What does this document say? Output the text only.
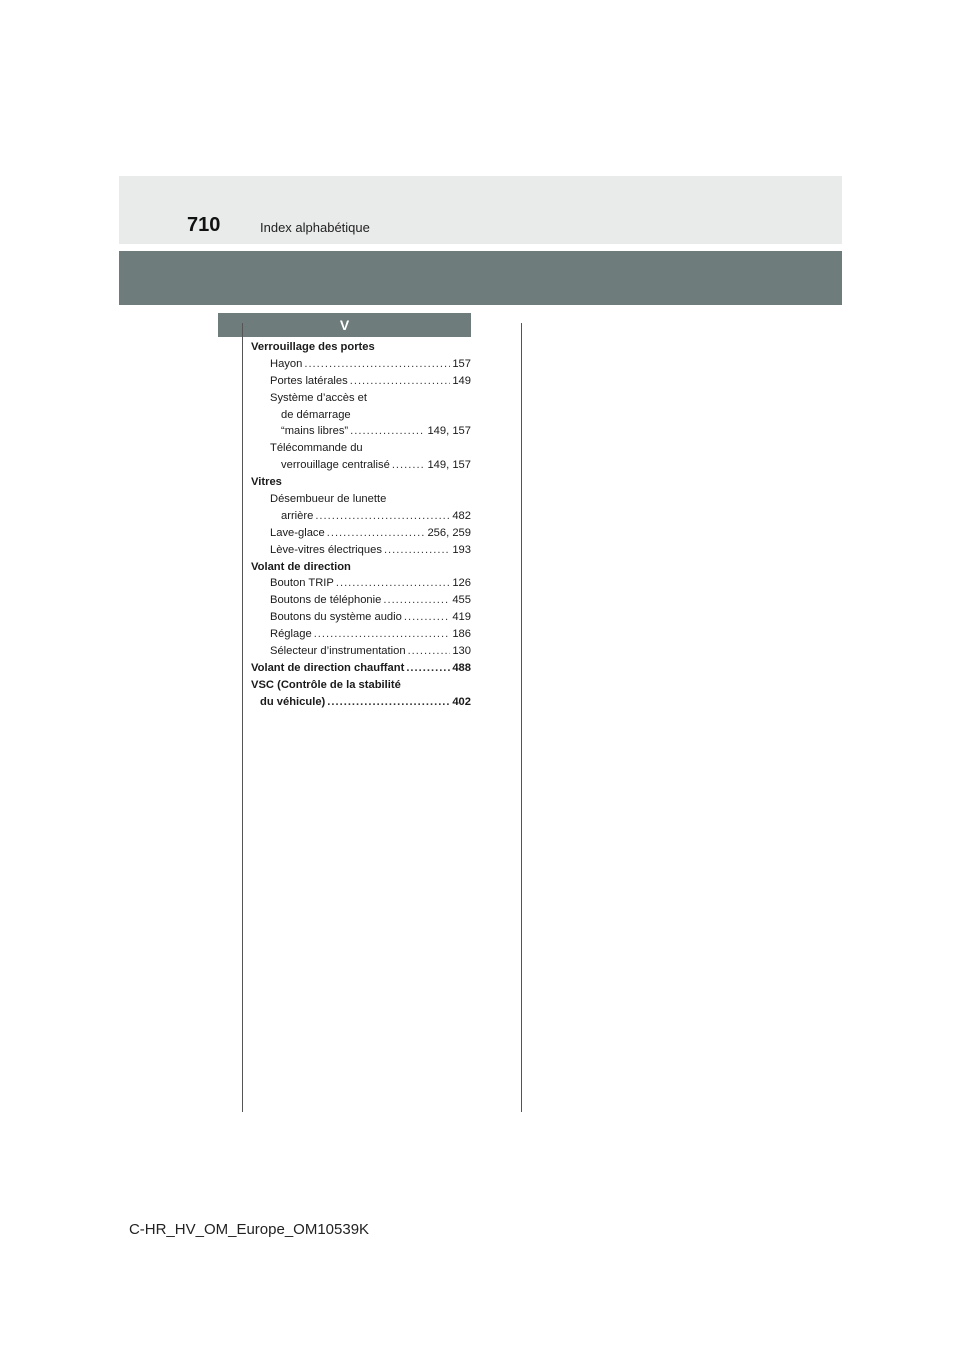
710	Index alphabétique
V
Verrouillage des portes
Hayon .....	157
Portes latérales .....	149
Système d’accès et
de démarrage
“mains libres” .....	149, 157
Télécommande du
verrouillage centralisé .....	149, 157
Vitres
Désembueur de lunette
arrière .....	482
Lave-glace .....	256, 259
Lève-vitres électriques .....	193
Volant de direction
Bouton TRIP .....	126
Boutons de téléphonie .....	455
Boutons du système audio .....	419
Réglage .....	186
Sélecteur d’instrumentation .....	130
Volant de direction chauffant .....	488
VSC (Contrôle de la stabilité
du véhicule) .....	402
C-HR_HV_OM_Europe_OM10539K
